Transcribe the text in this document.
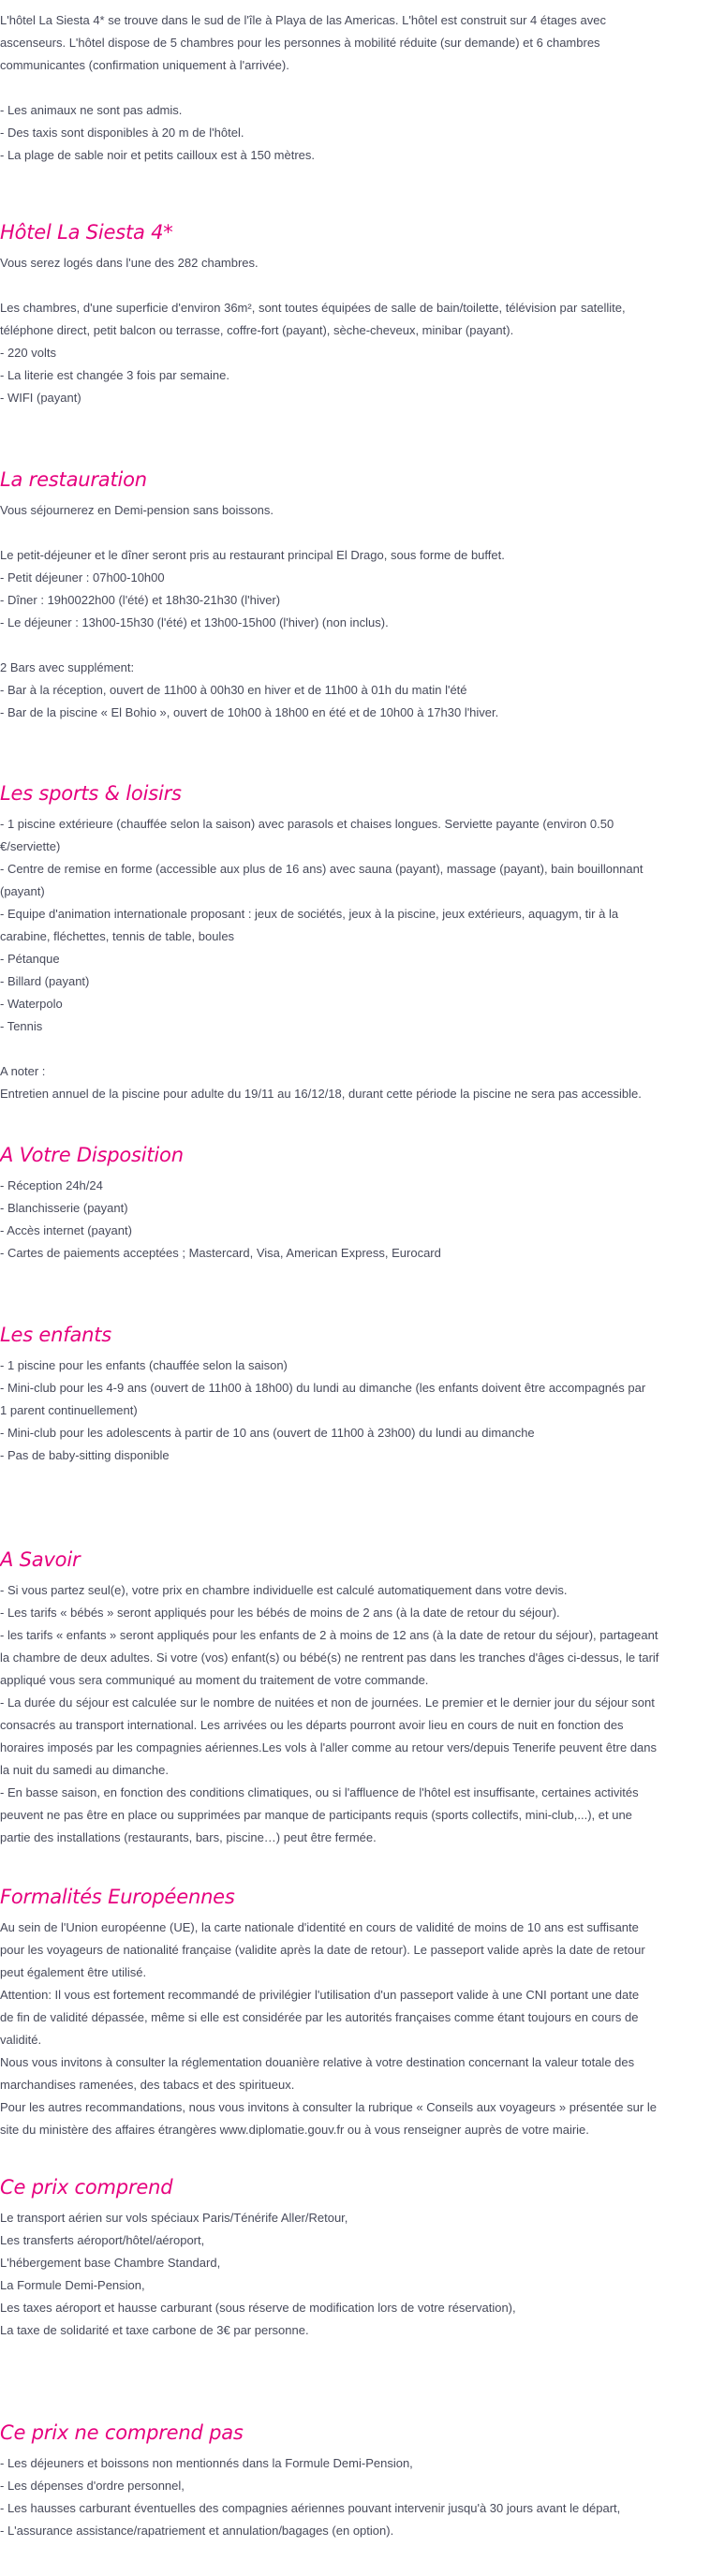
L'hôtel La Siesta 4* se trouve dans le sud de l'île à Playa de las Americas. L'hôtel est construit sur 4 étages avec
ascenseurs. L'hôtel dispose de 5 chambres pour les personnes à mobilité réduite (sur demande) et 6 chambres
communicantes (confirmation uniquement à l'arrivée).

- Les animaux ne sont pas admis.
- Des taxis sont disponibles à 20 m de l'hôtel.
- La plage de sable noir et petits cailloux est à 150 mètres.

Hôtel La Siesta 4*

Vous serez logés dans l'une des 282 chambres.

Les chambres, d'une superficie d'environ 36m², sont toutes équipées de salle de bain/toilette, télévision par satellite,
téléphone direct, petit balcon ou terrasse, coffre-fort (payant), sèche-cheveux, minibar (payant).
- 220 volts
- La literie est changée 3 fois par semaine.
- WIFI (payant)

La restauration

Vous séjournerez en Demi-pension sans boissons.

Le petit-déjeuner et le dîner seront pris au restaurant principal El Drago, sous forme de buffet.
- Petit déjeuner : 07h00-10h00
- Dîner : 19h0022h00 (l'été) et 18h30-21h30 (l'hiver)
- Le déjeuner : 13h00-15h30 (l'été) et 13h00-15h00 (l'hiver) (non inclus).

2 Bars avec supplément:
- Bar à la réception, ouvert de 11h00 à 00h30 en hiver et de 11h00 à 01h du matin l'été
- Bar de la piscine « El Bohio », ouvert de 10h00 à 18h00 en été et de 10h00 à 17h30 l'hiver.

Les sports & loisirs

- 1 piscine extérieure (chauffée selon la saison) avec parasols et chaises longues. Serviette payante (environ 0.50
€/serviette)
- Centre de remise en forme (accessible aux plus de 16 ans) avec sauna (payant), massage (payant), bain bouillonnant
(payant)
- Equipe d'animation internationale proposant : jeux de sociétés, jeux à la piscine, jeux extérieurs, aquagym, tir à la
carabine, fléchettes, tennis de table, boules
- Pétanque
- Billard (payant)
- Waterpolo
- Tennis

A noter :
Entretien annuel de la piscine pour adulte du 19/11 au 16/12/18, durant cette période la piscine ne sera pas accessible.

A Votre Disposition

- Réception 24h/24
- Blanchisserie (payant)
- Accès internet (payant)
- Cartes de paiements acceptées ; Mastercard, Visa, American Express, Eurocard

Les enfants

- 1 piscine pour les enfants (chauffée selon la saison)
- Mini-club pour les 4-9 ans (ouvert de 11h00 à 18h00) du lundi au dimanche (les enfants doivent être accompagnés par
1 parent continuellement)
- Mini-club pour les adolescents à partir de 10 ans (ouvert de 11h00 à 23h00) du lundi au dimanche
- Pas de baby-sitting disponible

A Savoir

- Si vous partez seul(e), votre prix en chambre individuelle est calculé automatiquement dans votre devis.
- Les tarifs « bébés » seront appliqués pour les bébés de moins de 2 ans (à la date de retour du séjour).
- les tarifs « enfants » seront appliqués pour les enfants de 2 à moins de 12 ans (à la date de retour du séjour), partageant
la chambre de deux adultes. Si votre (vos) enfant(s) ou bébé(s) ne rentrent pas dans les tranches d'âges ci-dessus, le tarif
appliqué vous sera communiqué au moment du traitement de votre commande.
- La durée du séjour est calculée sur le nombre de nuitées et non de journées. Le premier et le dernier jour du séjour sont
consacrés au transport international. Les arrivées ou les départs pourront avoir lieu en cours de nuit en fonction des
horaires imposés par les compagnies aériennes.Les vols à l'aller comme au retour vers/depuis Tenerife peuvent être dans
la nuit du samedi au dimanche.
- En basse saison, en fonction des conditions climatiques, ou si l'affluence de l'hôtel est insuffisante, certaines activités
peuvent ne pas être en place ou supprimées par manque de participants requis (sports collectifs, mini-club,...), et une
partie des installations (restaurants, bars, piscine…) peut être fermée.

Formalités Européennes

Au sein de l'Union européenne (UE), la carte nationale d'identité en cours de validité de moins de 10 ans est suffisante
pour les voyageurs de nationalité française (validite après la date de retour). Le passeport valide après la date de retour
peut également être utilisé.
Attention: Il vous est fortement recommandé de privilégier l'utilisation d'un passeport valide à une CNI portant une date
de fin de validité dépassée, même si elle est considérée par les autorités françaises comme étant toujours en cours de
validité.
Nous vous invitons à consulter la réglementation douanière relative à votre destination concernant la valeur totale des
marchandises ramenées, des tabacs et des spiritueux.
Pour les autres recommandations, nous vous invitons à consulter la rubrique « Conseils aux voyageurs » présentée sur le
site du ministère des affaires étrangères www.diplomatie.gouv.fr ou à vous renseigner auprès de votre mairie.

Ce prix comprend

Le transport aérien sur vols spéciaux Paris/Ténérife Aller/Retour,
Les transferts aéroport/hôtel/aéroport,
L'hébergement base Chambre Standard,
La Formule Demi-Pension,
Les taxes aéroport et hausse carburant (sous réserve de modification lors de votre réservation),
La taxe de solidarité et taxe carbone de 3€ par personne.

Ce prix ne comprend pas

- Les déjeuners et boissons non mentionnés dans la Formule Demi-Pension,
- Les dépenses d'ordre personnel,
- Les hausses carburant éventuelles des compagnies aériennes pouvant intervenir jusqu'à 30 jours avant le départ,
- L'assurance assistance/rapatriement et annulation/bagages (en option).
